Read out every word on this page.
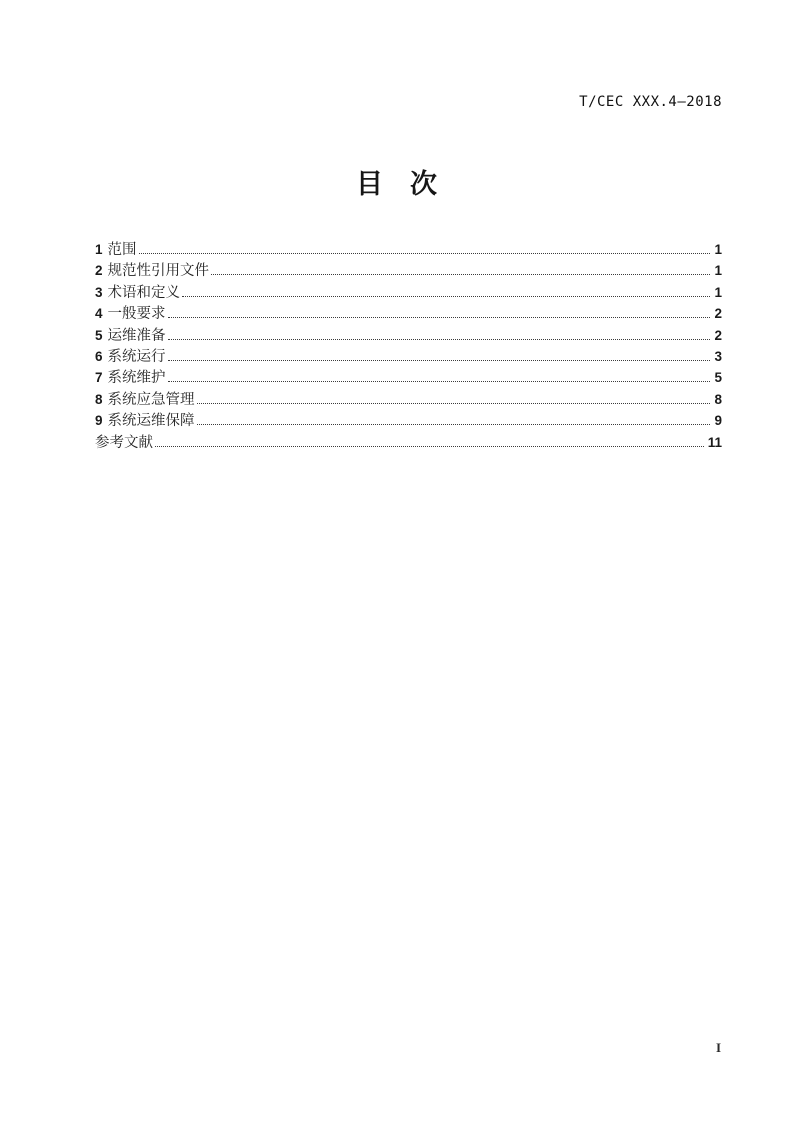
T/CEC XXX.4—2018
目　次
1 范围	1
2 规范性引用文件	1
3 术语和定义	1
4 一般要求	2
5 运维准备	2
6 系统运行	3
7 系统维护	5
8 系统应急管理	8
9 系统运维保障	9
参考文献	11
I
